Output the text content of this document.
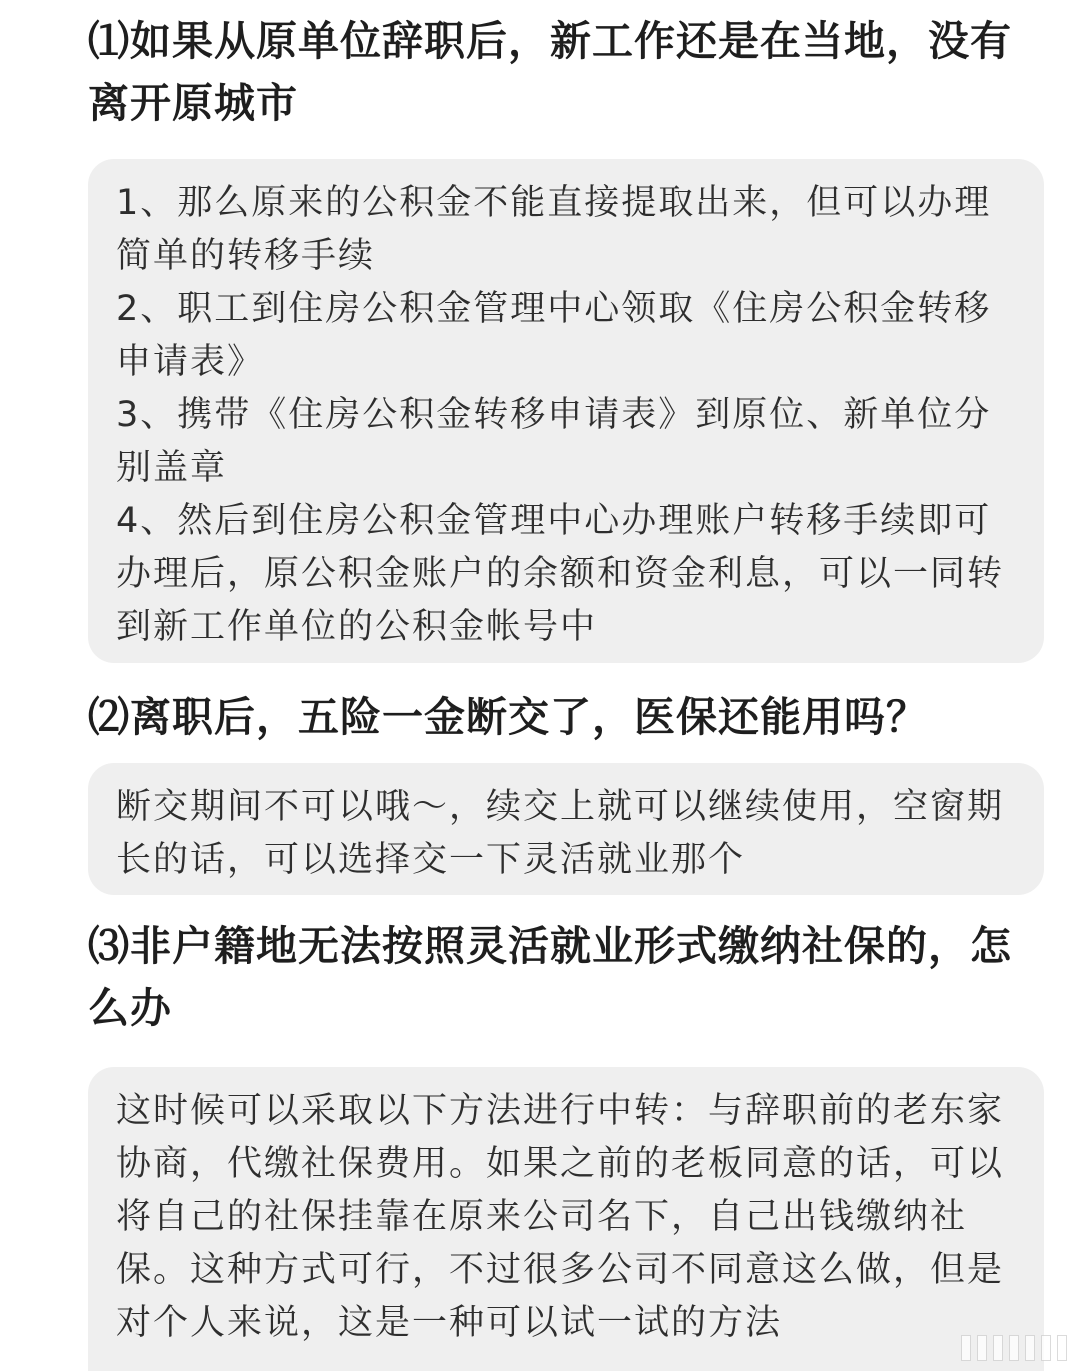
⑴如果从原单位辞职后，新工作还是在当地，没有离开原城市

1、那么原来的公积金不能直接提取出来，但可以办理简单的转移手续

2、职工到住房公积金管理中心领取《住房公积金转移申请表》

3、携带《住房公积金转移申请表》到原位、新单位分别盖章

4、然后到住房公积金管理中心办理账户转移手续即可办理后，原公积金账户的余额和资金利息，可以一同转到新工作单位的公积金帐号中

⑵离职后，五险一金断交了，医保还能用吗？

断交期间不可以哦～，续交上就可以继续使用，空窗期长的话，可以选择交一下灵活就业那个

⑶非户籍地无法按照灵活就业形式缴纳社保的，怎么办

这时候可以采取以下方法进行中转：与辞职前的老东家协商，代缴社保费用。如果之前的老板同意的话，可以将自己的社保挂靠在原来公司名下，自己出钱缴纳社保。这种方式可行，不过很多公司不同意这么做，但是对个人来说，这是一种可以试一试的方法
